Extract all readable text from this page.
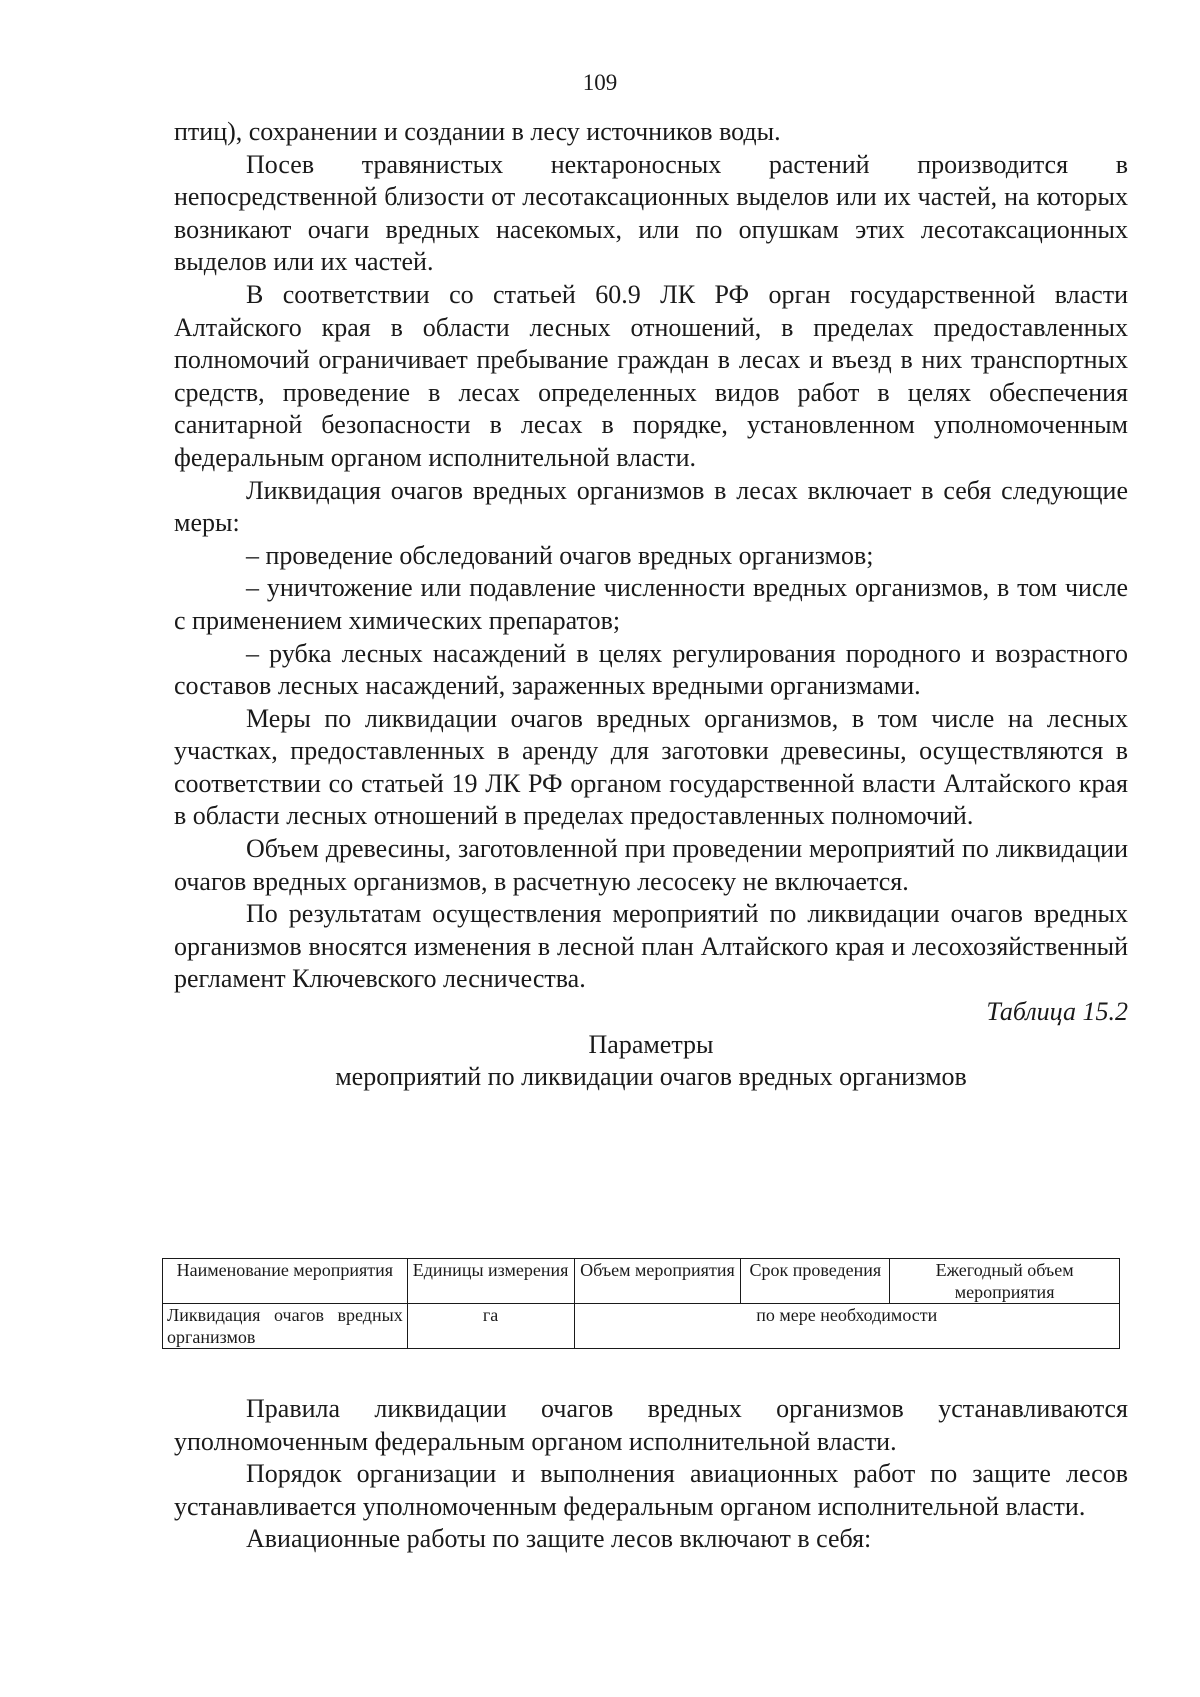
109

птиц), сохранении и создании в лесу источников воды.

Посев травянистых нектароносных растений производится в непосредственной близости от лесотаксационных выделов или их частей, на которых возникают очаги вредных насекомых, или по опушкам этих лесотаксационных выделов или их частей.

В соответствии со статьей 60.9 ЛК РФ орган государственной власти Алтайского края в области лесных отношений, в пределах предоставленных полномочий ограничивает пребывание граждан в лесах и въезд в них транспортных средств, проведение в лесах определенных видов работ в целях обеспечения санитарной безопасности в лесах в порядке, установленном уполномоченным федеральным органом исполнительной власти.

Ликвидация очагов вредных организмов в лесах включает в себя следующие меры:

– проведение обследований очагов вредных организмов;

– уничтожение или подавление численности вредных организмов, в том числе с применением химических препаратов;

– рубка лесных насаждений в целях регулирования породного и возрастного составов лесных насаждений, зараженных вредными организмами.

Меры по ликвидации очагов вредных организмов, в том числе на лесных участках, предоставленных в аренду для заготовки древесины, осуществляются в соответствии со статьей 19 ЛК РФ органом государственной власти Алтайского края в области лесных отношений в пределах предоставленных полномочий.

Объем древесины, заготовленной при проведении мероприятий по ликвидации очагов вредных организмов, в расчетную лесосеку не включается.

По результатам осуществления мероприятий по ликвидации очагов вредных организмов вносятся изменения в лесной план Алтайского края и лесохозяйственный регламент Ключевского лесничества.

Таблица 15.2

Параметры

мероприятий по ликвидации очагов вредных организмов

Наименование мероприятия	Единицы измерения	Объем мероприятия	Срок проведения	Ежегодный объем мероприятия
Ликвидация очагов вредных организмов	га	по мере необходимости		

Правила ликвидации очагов вредных организмов устанавливаются уполномоченным федеральным органом исполнительной власти.

Порядок организации и выполнения авиационных работ по защите лесов устанавливается уполномоченным федеральным органом исполнительной власти.

Авиационные работы по защите лесов включают в себя:
